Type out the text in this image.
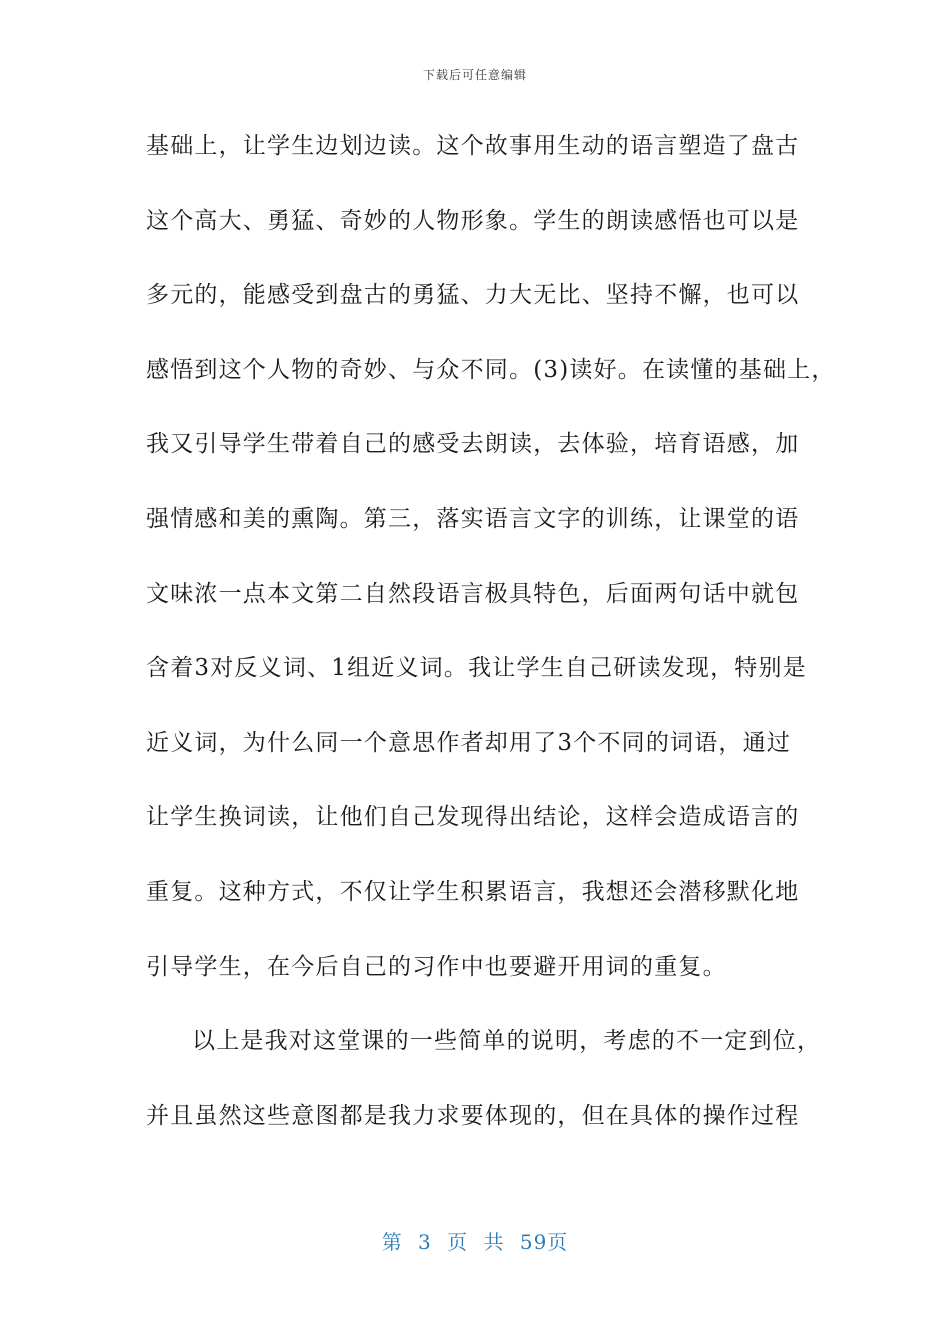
下载后可任意编辑
基础上，让学生边划边读。这个故事用生动的语言塑造了盘古
这个高大、勇猛、奇妙的人物形象。学生的朗读感悟也可以是
多元的，能感受到盘古的勇猛、力大无比、坚持不懈，也可以
感悟到这个人物的奇妙、与众不同。(3)读好。在读懂的基础上，
我又引导学生带着自己的感受去朗读，去体验，培育语感，加
强情感和美的熏陶。第三，落实语言文字的训练，让课堂的语
文味浓一点本文第二自然段语言极具特色，后面两句话中就包
含着3对反义词、1组近义词。我让学生自己研读发现，特别是
近义词，为什么同一个意思作者却用了3个不同的词语，通过
让学生换词读，让他们自己发现得出结论，这样会造成语言的
重复。这种方式，不仅让学生积累语言，我想还会潜移默化地
引导学生，在今后自己的习作中也要避开用词的重复。
以上是我对这堂课的一些简单的说明，考虑的不一定到位，
并且虽然这些意图都是我力求要体现的，但在具体的操作过程
第 3 页 共 59页
